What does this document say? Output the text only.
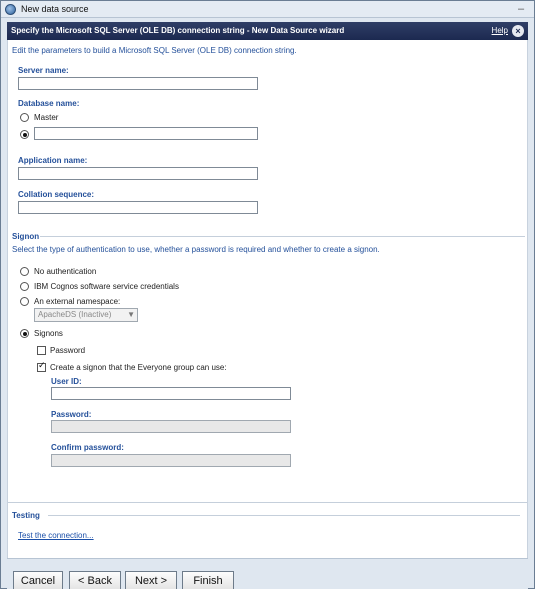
New data source	–
Specify the Microsoft SQL Server (OLE DB) connection string - New Data Source wizard	Help ×
Edit the parameters to build a Microsoft SQL Server (OLE DB) connection string.
Server name:
Database name:
Master
Application name:
Collation sequence:
Signon
Select the type of authentication to use, whether a password is required and whether to create a signon.
No authentication
IBM Cognos software service credentials
An external namespace:
ApacheDS (Inactive) ▼
Signons
Password
✓
Create a signon that the Everyone group can use:
User ID:
Password:
Confirm password:
Testing
Test the connection...
Cancel	< Back	Next >	Finish
